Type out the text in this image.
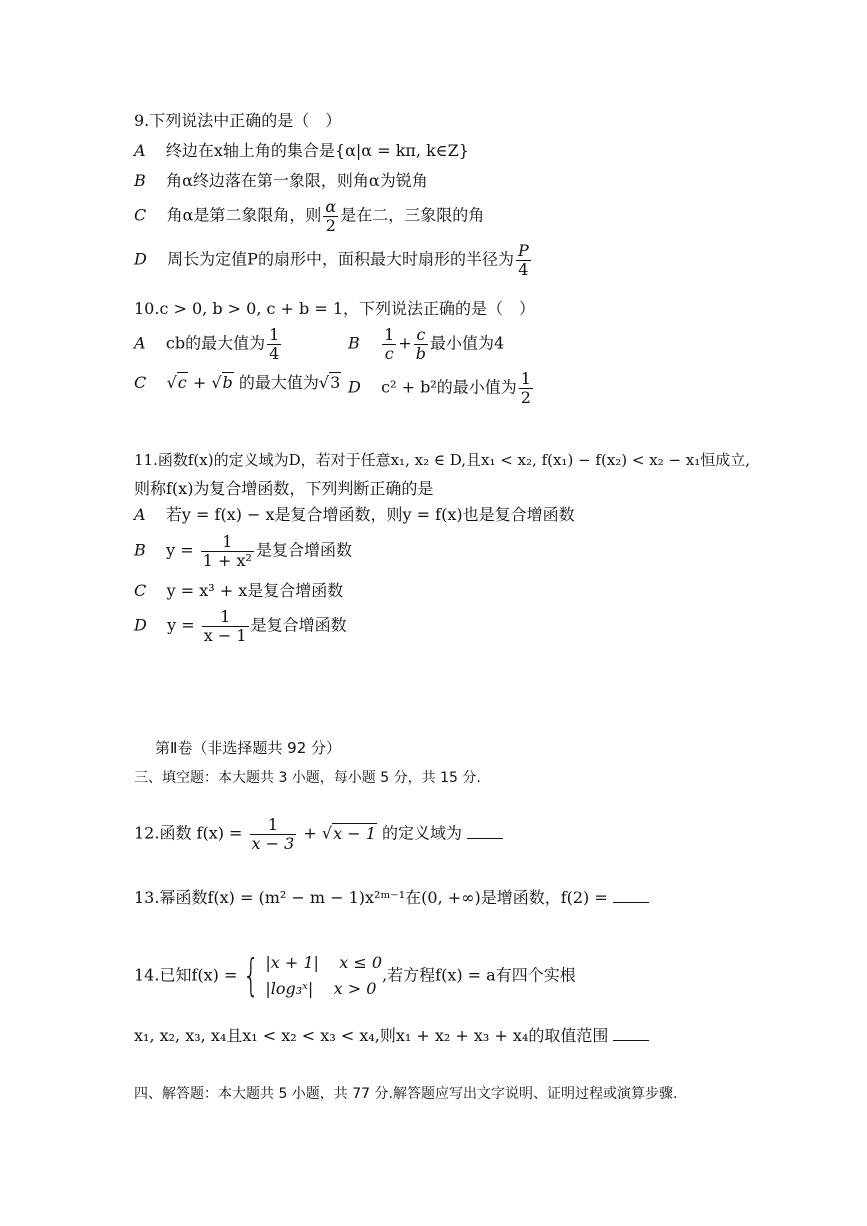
9.下列说法中正确的是（　）
A 终边在x轴上角的集合是{α|α = kπ, k∈Z}
B 角α终边落在第一象限，则角α为锐角
C 角α是第二象限角，则 $\frac{\alpha}{2}$ 是在二，三象限的角
D 周长为定值P的扇形中，面积最大时扇形的半径为 $\frac{P}{4}$
10.c > 0, b > 0, c + b = 1，下列说法正确的是（　）
A cb的最大值为 $\frac{1}{4}$	B $\frac{1}{c} + \frac{c}{b}$ 最小值为4
C    √c + √b 的最大值为√3 D c² + b²的最小值为 $\frac{1}{2}$
11.函数f(x)的定义域为D，若对于任意x₁, x₂ ∈ D,且x₁ < x₂, f(x₁) − f(x₂) < x₂ − x₁恒成立,
则称f(x)为复合增函数，下列判断正确的是
A 若y = f(x) − x是复合增函数，则y = f(x)也是复合增函数
B $y = \frac{1}{\text{1 + x²}}$ 是复合增函数
C y = x³ + x是复合增函数
D $y = \frac{1}{x - 1}$ 是复合增函数
第Ⅱ卷（非选择题共 92 分）
三、填空题：本大题共 3 小题，每小题 5 分，共 15 分.
12.函数 $f(x) = \frac{1}{x - 3} + √x - 1$ 的定义域为
13.幂函数f(x) = (m² − m − 1)x²ᵐ⁻¹在(0, +∞)是增函数，f(2) =
14.已知f(x) = { |x + 1| x ≤ 0
|log₃ˣ| x > 0
,若方程f(x) = a有四个实根
x₁, x₂, x₃, x₄且x₁ < x₂ < x₃ < x₄,则x₁ + x₂ + x₃ + x₄的取值范围
四、解答题：本大题共 5 小题，共 77 分.解答题应写出文字说明、证明过程或演算步骤.
